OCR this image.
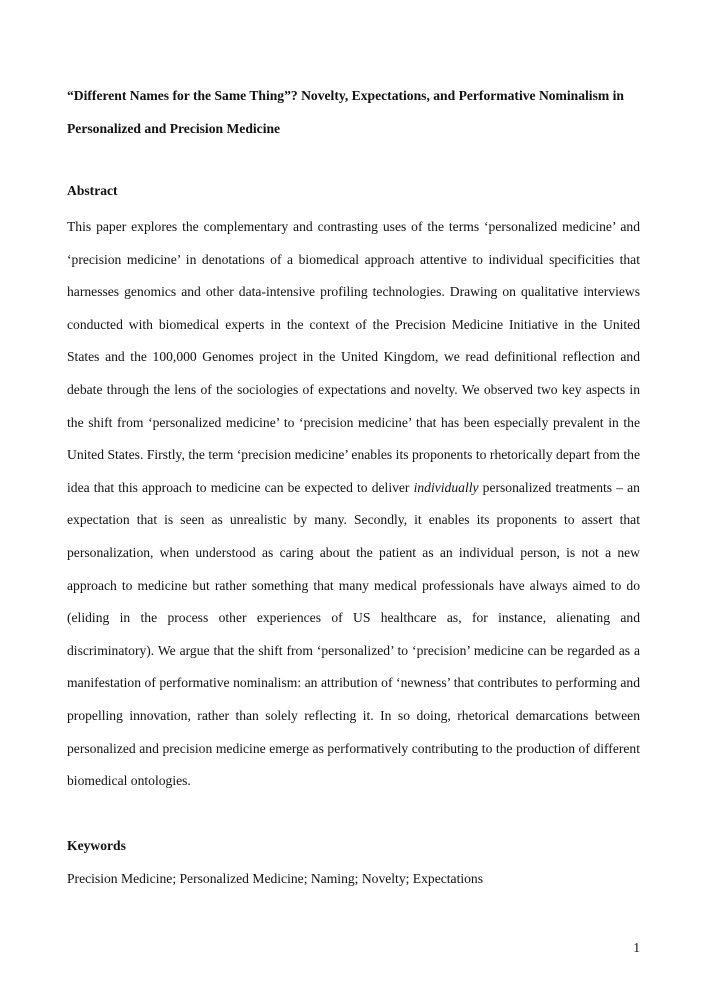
“Different Names for the Same Thing”? Novelty, Expectations, and Performative Nominalism in Personalized and Precision Medicine
Abstract

This paper explores the complementary and contrasting uses of the terms ‘personalized medicine’ and ‘precision medicine’ in denotations of a biomedical approach attentive to individual specificities that harnesses genomics and other data-intensive profiling technologies. Drawing on qualitative interviews conducted with biomedical experts in the context of the Precision Medicine Initiative in the United States and the 100,000 Genomes project in the United Kingdom, we read definitional reflection and debate through the lens of the sociologies of expectations and novelty. We observed two key aspects in the shift from ‘personalized medicine’ to ‘precision medicine’ that has been especially prevalent in the United States. Firstly, the term ‘precision medicine’ enables its proponents to rhetorically depart from the idea that this approach to medicine can be expected to deliver individually personalized treatments – an expectation that is seen as unrealistic by many. Secondly, it enables its proponents to assert that personalization, when understood as caring about the patient as an individual person, is not a new approach to medicine but rather something that many medical professionals have always aimed to do (eliding in the process other experiences of US healthcare as, for instance, alienating and discriminatory). We argue that the shift from ‘personalized’ to ‘precision’ medicine can be regarded as a manifestation of performative nominalism: an attribution of ‘newness’ that contributes to performing and propelling innovation, rather than solely reflecting it. In so doing, rhetorical demarcations between personalized and precision medicine emerge as performatively contributing to the production of different biomedical ontologies.

Keywords

Precision Medicine; Personalized Medicine; Naming; Novelty; Expectations

1
